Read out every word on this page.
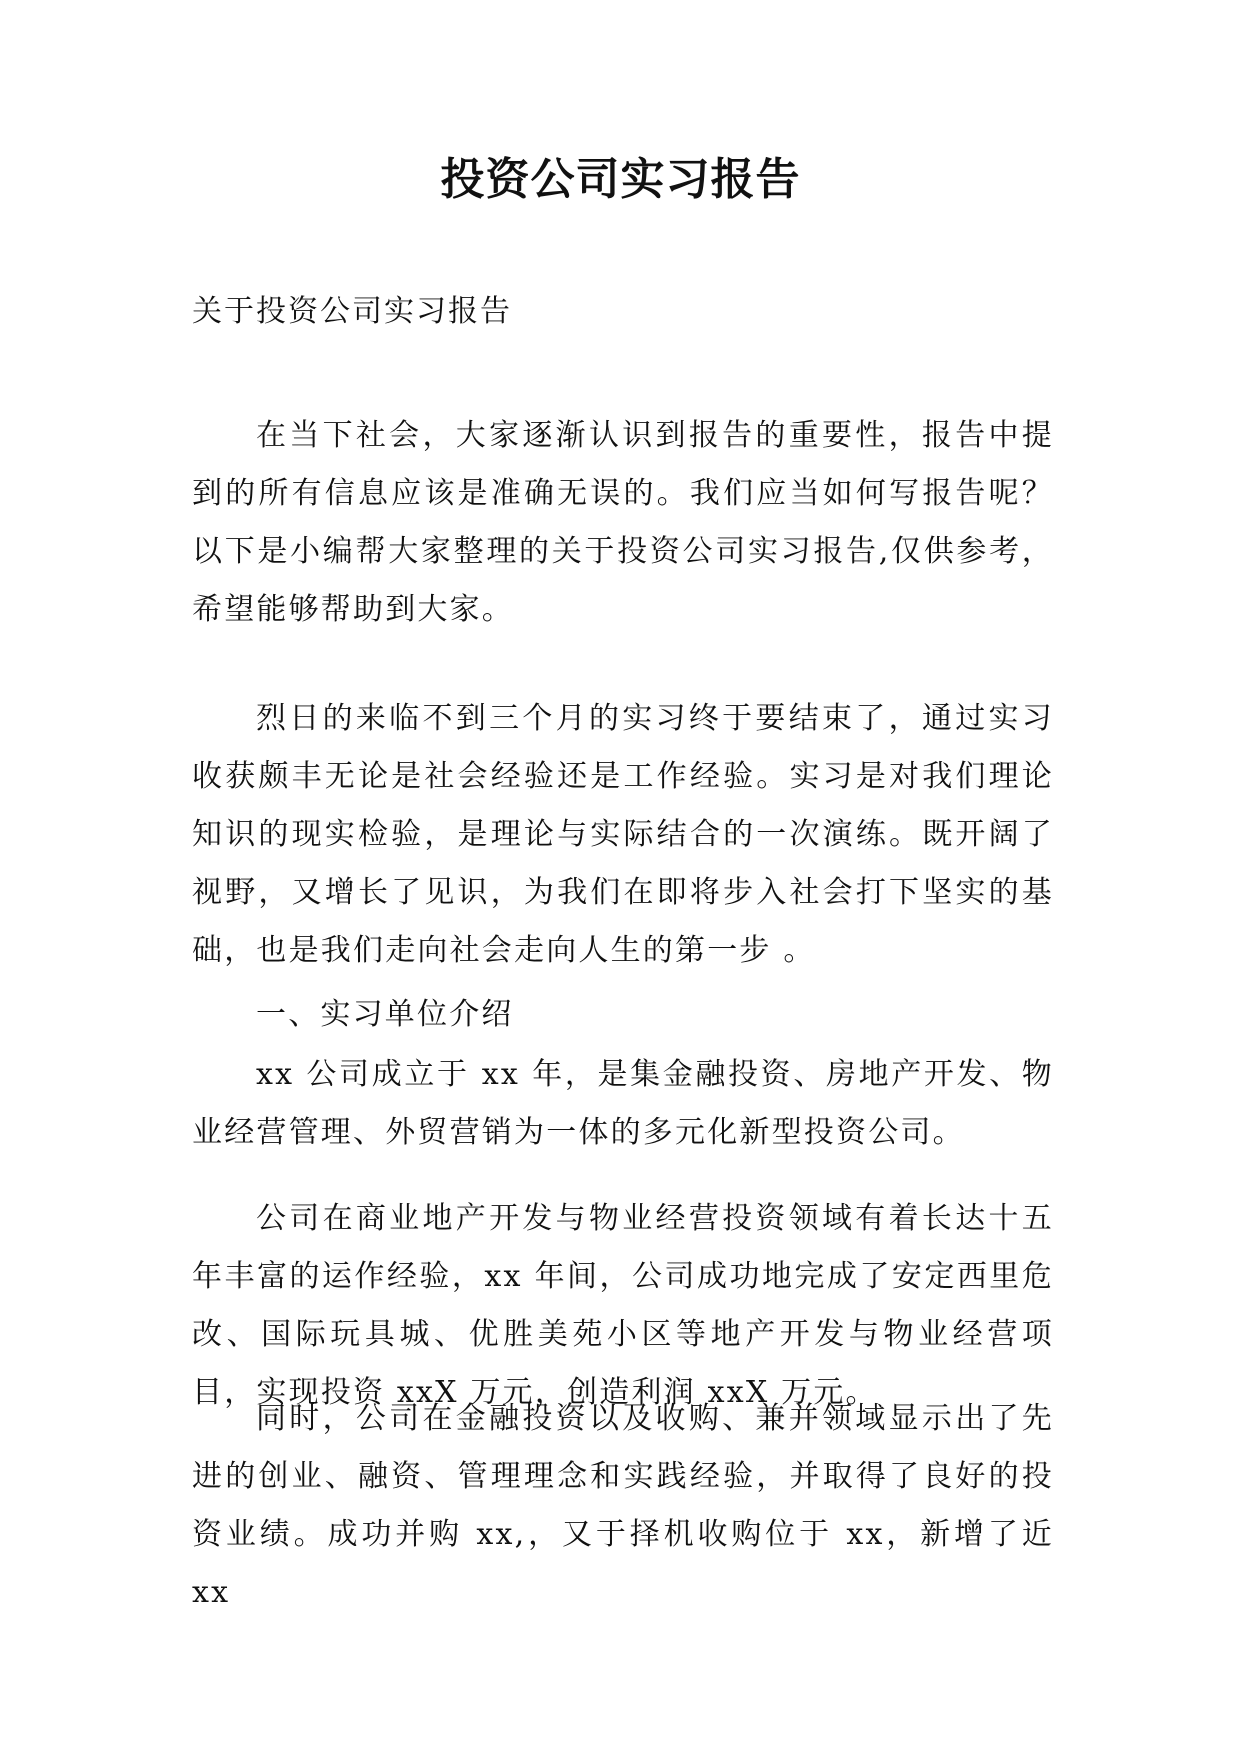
投资公司实习报告

关于投资公司实习报告

在当下社会，大家逐渐认识到报告的重要性，报告中提到的所有信息应该是准确无误的。我们应当如何写报告呢？以下是小编帮大家整理的关于投资公司实习报告,仅供参考，希望能够帮助到大家。

烈日的来临不到三个月的实习终于要结束了，通过实习收获颇丰无论是社会经验还是工作经验。实习是对我们理论知识的现实检验，是理论与实际结合的一次演练。既开阔了视野，又增长了见识，为我们在即将步入社会打下坚实的基础，也是我们走向社会走向人生的第一步 。

一、实习单位介绍

xx 公司成立于 xx 年，是集金融投资、房地产开发、物业经营管理、外贸营销为一体的多元化新型投资公司。

公司在商业地产开发与物业经营投资领域有着长达十五年丰富的运作经验，xx 年间，公司成功地完成了安定西里危改、国际玩具城、优胜美苑小区等地产开发与物业经营项目，实现投资 xxX 万元，创造利润 xxX 万元。

同时，公司在金融投资以及收购、兼并领域显示出了先进的创业、融资、管理理念和实践经验，并取得了良好的投资业绩。成功并购 xx,，又于择机收购位于 xx，新增了近 xx
